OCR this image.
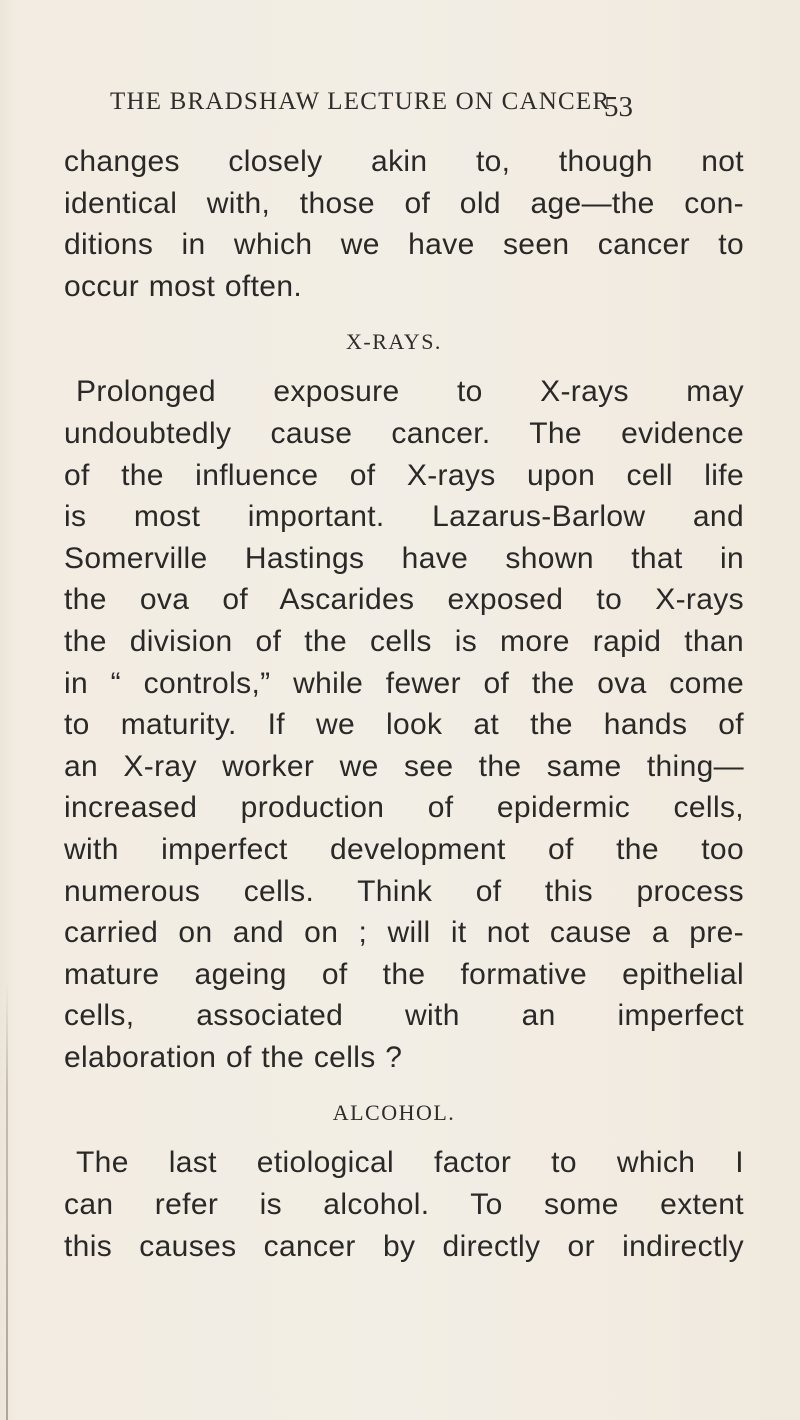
THE BRADSHAW LECTURE ON CANCER
53
changes closely akin to, though not
identical with, those of old age—the con-
ditions in which we have seen cancer to
occur most often.
X-RAYS.
Prolonged exposure to X-rays may
undoubtedly cause cancer. The evidence
of the influence of X-rays upon cell life
is most important. Lazarus-Barlow and
Somerville Hastings have shown that in
the ova of Ascarides exposed to X-rays
the division of the cells is more rapid than
in “ controls,” while fewer of the ova come
to maturity. If we look at the hands of
an X-ray worker we see the same thing—
increased production of epidermic cells,
with imperfect development of the too
numerous cells. Think of this process
carried on and on ; will it not cause a pre-
mature ageing of the formative epithelial
cells, associated with an imperfect
elaboration of the cells ?
ALCOHOL.
The last etiological factor to which I
can refer is alcohol. To some extent
this causes cancer by directly or indirectly
